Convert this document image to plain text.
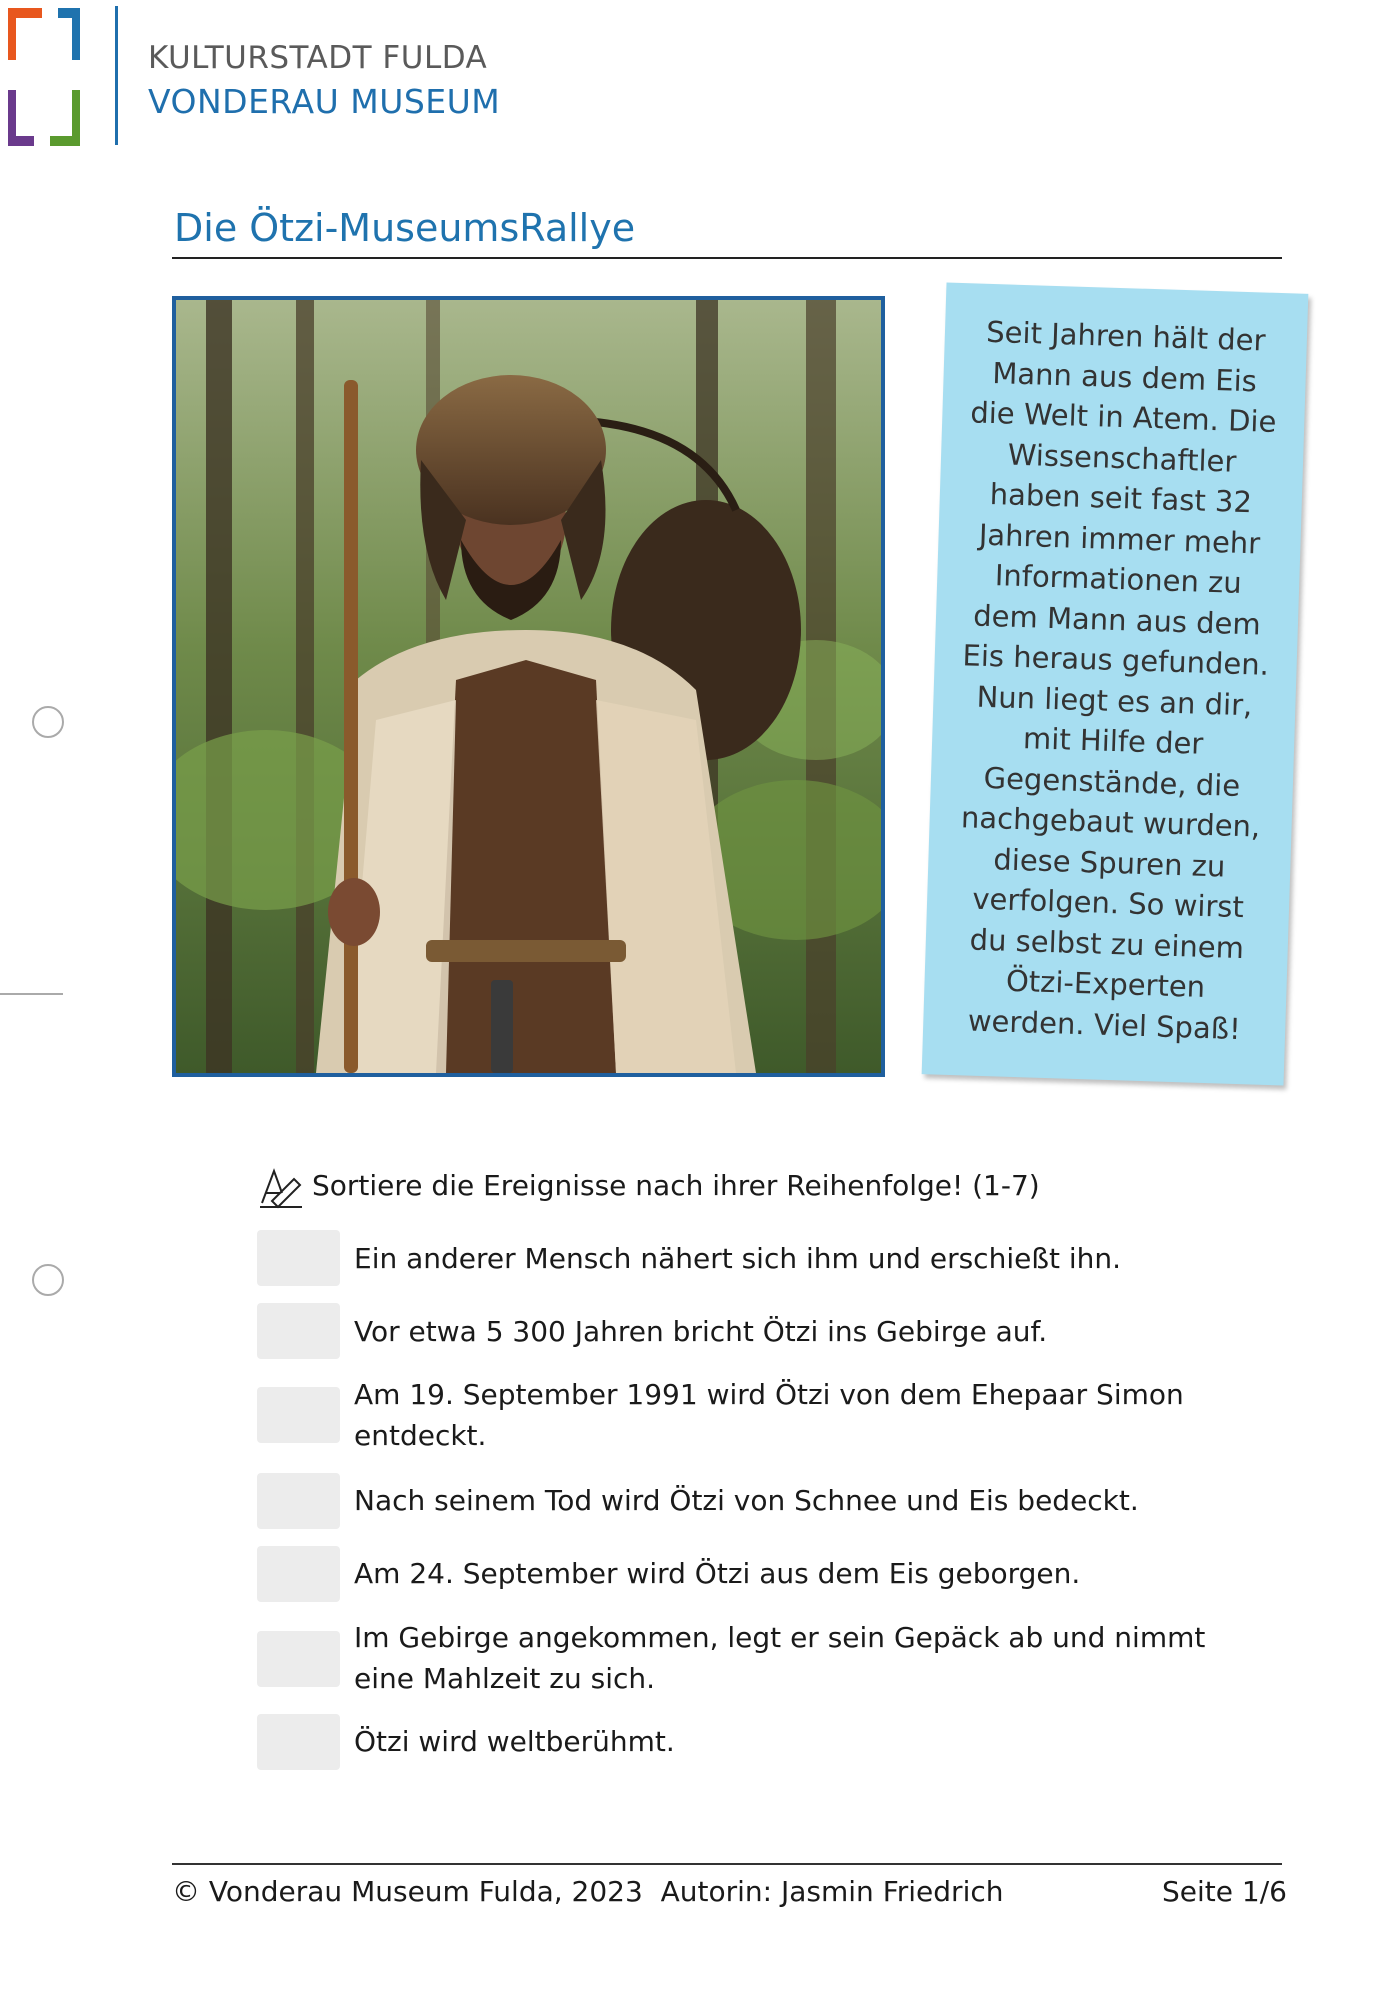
KULTURSTADT FULDA
VONDERAU MUSEUM
Die Ötzi-MuseumsRallye
Seit Jahren hält der Mann aus dem Eis die Welt in Atem. Die Wissenschaftler haben seit fast 32 Jahren immer mehr Informationen zu dem Mann aus dem Eis heraus gefunden. Nun liegt es an dir, mit Hilfe der Gegenstände, die nachgebaut wurden, diese Spuren zu verfolgen. So wirst du selbst zu einem Ötzi-Experten werden. Viel Spaß!
Sortiere die Ereignisse nach ihrer Reihenfolge! (1-7)
Ein anderer Mensch nähert sich ihm und erschießt ihn.
Vor etwa 5 300 Jahren bricht Ötzi ins Gebirge auf.
Am 19. September 1991 wird Ötzi von dem Ehepaar Simon entdeckt.
Nach seinem Tod wird Ötzi von Schnee und Eis bedeckt.
Am 24. September wird Ötzi aus dem Eis geborgen.
Im Gebirge angekommen, legt er sein Gepäck ab und nimmt eine Mahlzeit zu sich.
Ötzi wird weltberühmt.
© Vonderau Museum Fulda, 2023  Autorin: Jasmin Friedrich	Seite 1/6
